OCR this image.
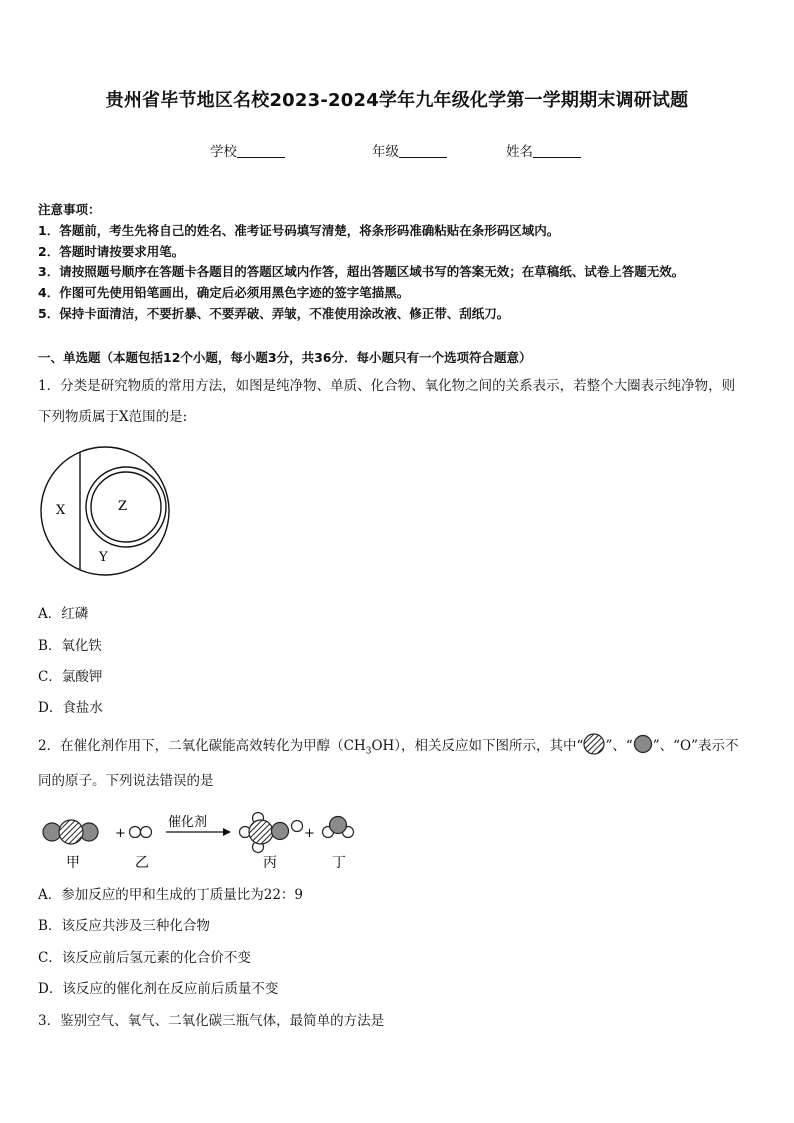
贵州省毕节地区名校2023-2024学年九年级化学第一学期期末调研试题
学校	年级	姓名
注意事项：
1．答题前，考生先将自己的姓名、准考证号码填写清楚，将条形码准确粘贴在条形码区域内。
2．答题时请按要求用笔。
3．请按照题号顺序在答题卡各题目的答题区域内作答，超出答题区域书写的答案无效；在草稿纸、试卷上答题无效。
4．作图可先使用铅笔画出，确定后必须用黑色字迹的签字笔描黑。
5．保持卡面清洁，不要折暴、不要弄破、弄皱，不准使用涂改液、修正带、刮纸刀。
一、单选题（本题包括12个小题，每小题3分，共36分．每小题只有一个选项符合题意）
1．分类是研究物质的常用方法，如图是纯净物、单质、化合物、氧化物之间的关系表示，若整个大圈表示纯净物，则
下列物质属于X范围的是:
X	Z
Y
A．红磷
B．氧化铁
C．氯酸钾
D．食盐水
2．在催化剂作用下，二氧化碳能高效转化为甲醇$(CH_3OH)$，相关反应如下图所示，其中“ ”、“ ”、“O”表示不
同的原子。下列说法错误的是
+
催化剂
+
甲	乙	丙	丁
A．参加反应的甲和生成的丁质量比为22：9
B．该反应共涉及三种化合物
C．该反应前后氢元素的化合价不变
D．该反应的催化剂在反应前后质量不变
3．鉴别空气、氧气、二氧化碳三瓶气体，最简单的方法是
